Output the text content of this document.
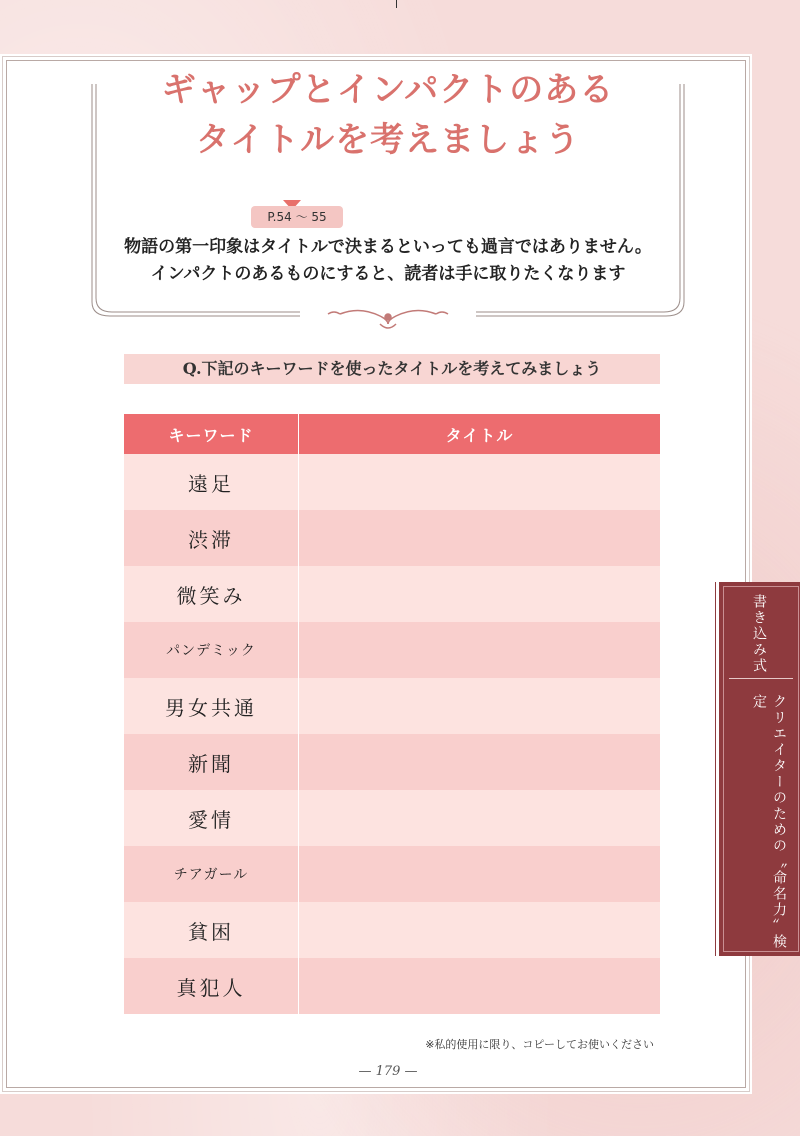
ギャップとインパクトのある
タイトルを考えましょう
P.54 〜 55
物語の第一印象はタイトルで決まるといっても過言ではありません。
インパクトのあるものにすると、読者は手に取りたくなります
Q.下記のキーワードを使ったタイトルを考えてみましょう
キーワード	タイトル
遠足	
渋滞	
微笑み	
パンデミック	
男女共通	
新聞	
愛情	
チアガール	
貧困	
真犯人	
※私的使用に限り、コピーしてお使いください
— 179 —
書き込み式
クリエイターのための〝命名力〟検定
